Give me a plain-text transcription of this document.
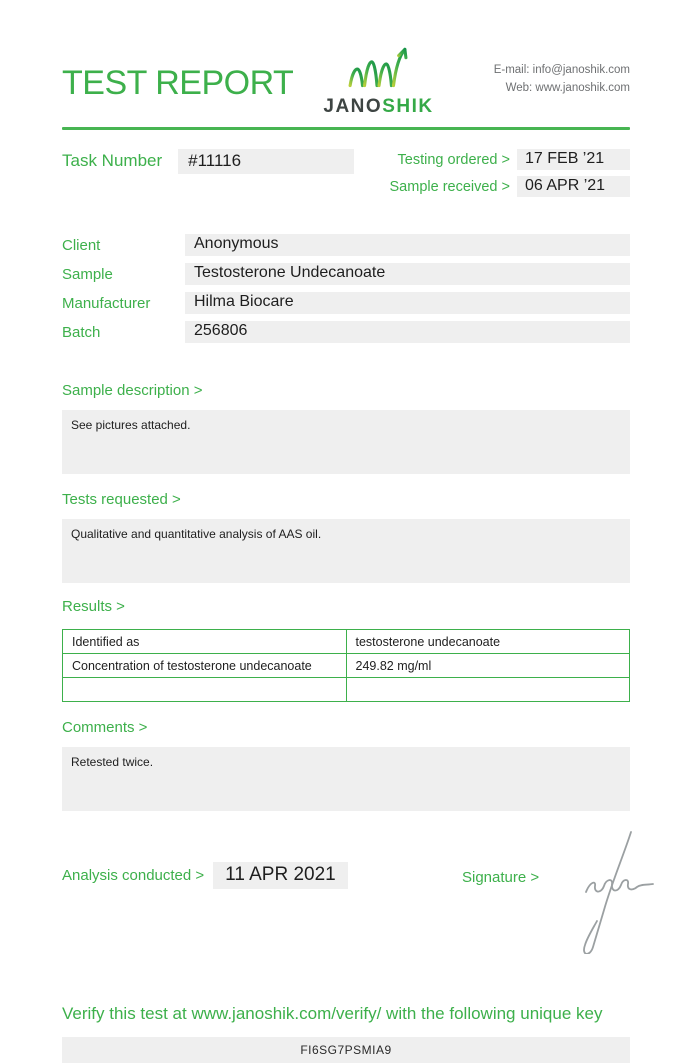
TEST REPORT
JANOSHIK
E-mail: info@janoshik.com
Web: www.janoshik.com
Task Number	#11116	Testing ordered > 17 FEB ’21
Sample received > 06 APR ’21
Client	Anonymous
Sample	Testosterone Undecanoate
Manufacturer	Hilma Biocare
Batch	256806
Sample description >
See pictures attached.
Tests requested >
Qualitative and quantitative analysis of AAS oil.
Results >
Identified as	testosterone undecanoate
Concentration of testosterone undecanoate	249.82 mg/ml

Comments >
Retested twice.
Analysis conducted >	11 APR 2021	Signature >
Verify this test at www.janoshik.com/verify/ with the following unique key
FI6SG7PSMIA9
